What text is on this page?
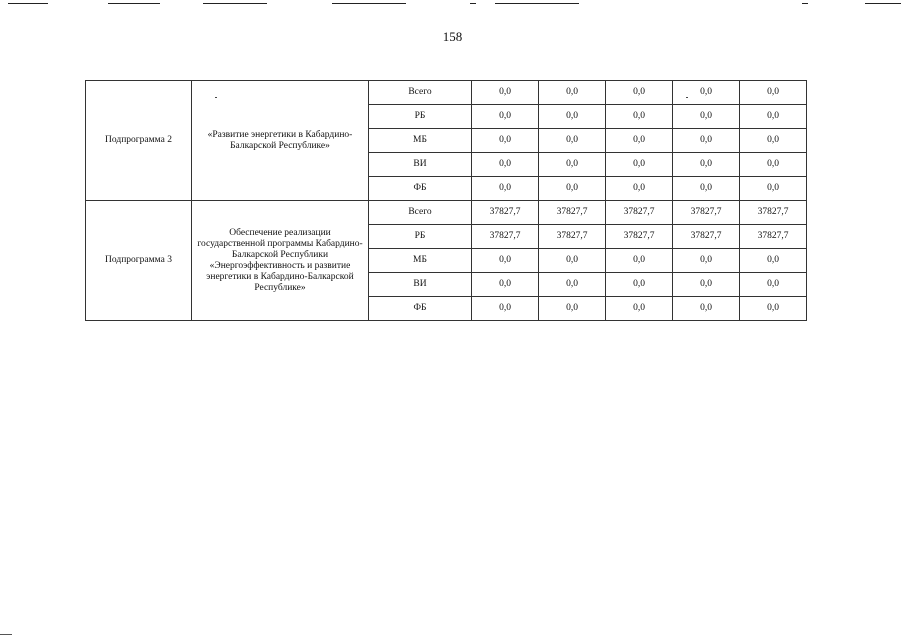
158
Подпрограмма 2	«Развитие энергетики в Кабардино-Балкарской Республике»	Всего	0,0	0,0	0,0	0,0	0,0
		РБ	0,0	0,0	0,0	0,0	0,0
		МБ	0,0	0,0	0,0	0,0	0,0
		ВИ	0,0	0,0	0,0	0,0	0,0
		ФБ	0,0	0,0	0,0	0,0	0,0
Подпрограмма 3	Обеспечение реализации государственной программы Кабардино-Балкарской Республики «Энергоэффективность и развитие энергетики в Кабардино-Балкарской Республике»	Всего	37827,7	37827,7	37827,7	37827,7	37827,7
		РБ	37827,7	37827,7	37827,7	37827,7	37827,7
		МБ	0,0	0,0	0,0	0,0	0,0
		ВИ	0,0	0,0	0,0	0,0	0,0
		ФБ	0,0	0,0	0,0	0,0	0,0
